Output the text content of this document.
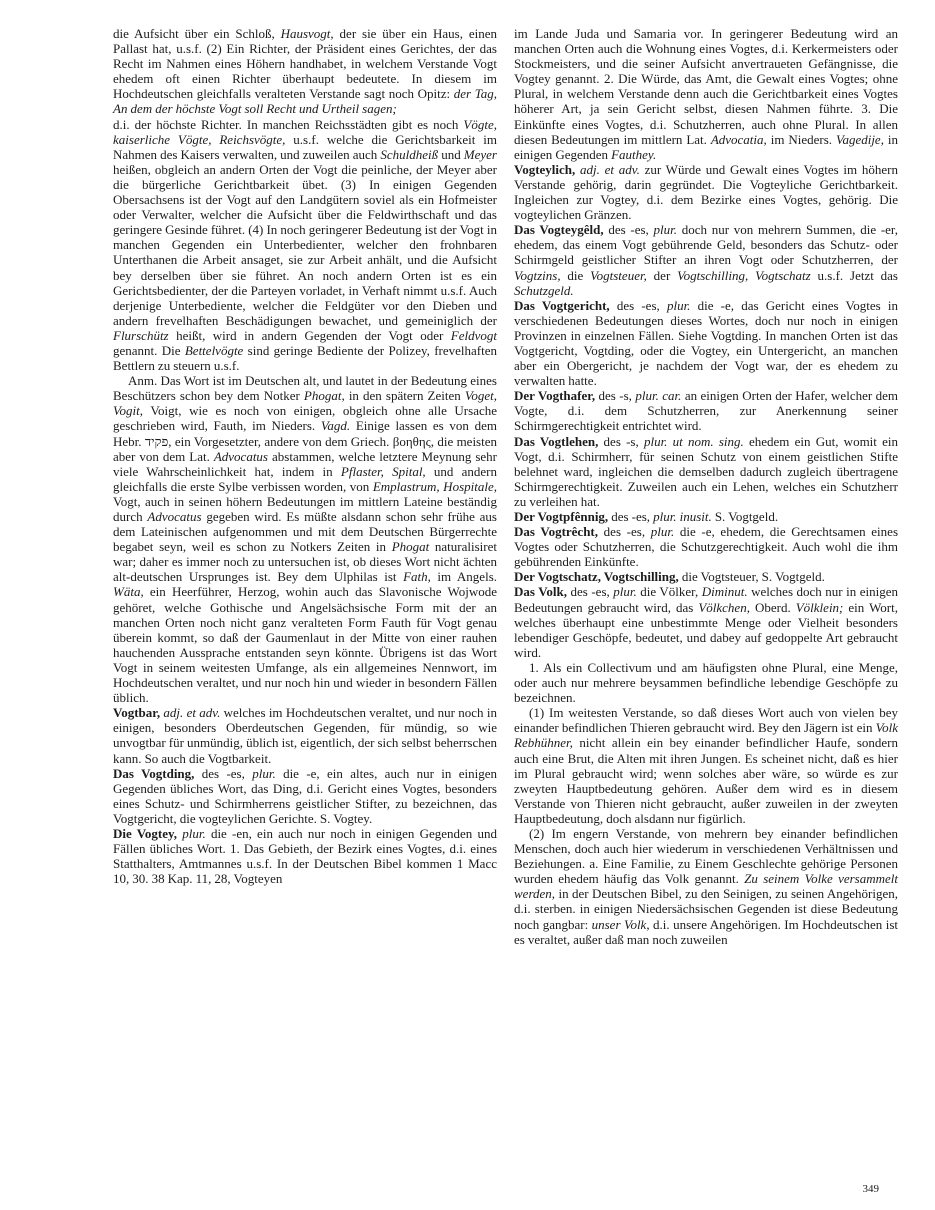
die Aufsicht über ein Schloß, Hausvogt, der sie über ein Haus, einen Pallast hat, u.s.f. (2) Ein Richter, der Präsident eines Gerichtes, der das Recht im Nahmen eines Höhern handhabet, in welchem Verstande Vogt ehedem oft einen Richter überhaupt bedeutete. In diesem im Hochdeutschen gleichfalls veralteten Verstande sagt noch Opitz: der Tag, An dem der höchste Vogt soll Recht und Urtheil sagen;

d.i. der höchste Richter. In manchen Reichsstädten gibt es noch Vögte, kaiserliche Vögte, Reichsvögte, u.s.f. welche die Gerichtsbarkeit im Nahmen des Kaisers verwalten, und zuweilen auch Schuldheiß und Meyer heißen, obgleich an andern Orten der Vogt die peinliche, der Meyer aber die bürgerliche Gerichtbarkeit übet. (3) In einigen Gegenden Obersachsens ist der Vogt auf den Landgütern soviel als ein Hofmeister oder Verwalter, welcher die Aufsicht über die Feldwirthschaft und das geringere Gesinde führet. (4) In noch geringerer Bedeutung ist der Vogt in manchen Gegenden ein Unterbedienter, welcher den frohnbaren Unterthanen die Arbeit ansaget, sie zur Arbeit anhält, und die Aufsicht bey derselben über sie führet. An noch andern Orten ist es ein Gerichtsbedienter, der die Parteyen vorladet, in Verhaft nimmt u.s.f. Auch derjenige Unterbediente, welcher die Feldgüter vor den Dieben und andern frevelhaften Beschädigungen bewachet, und gemeiniglich der Flurschütz heißt, wird in andern Gegenden der Vogt oder Feldvogt genannt. Die Bettelvögte sind geringe Bediente der Polizey, frevelhaften Bettlern zu steuern u.s.f.

Anm. Das Wort ist im Deutschen alt, und lautet in der Bedeutung eines Beschützers schon bey dem Notker Phogat, in den spätern Zeiten Voget, Vogit, Voigt, wie es noch von einigen, obgleich ohne alle Ursache geschrieben wird, Fauth, im Nieders. Vagd. Einige lassen es von dem Hebr. פקיד, ein Vorgesetzter, andere von dem Griech. βοηθης, die meisten aber von dem Lat. Advocatus abstammen, welche letztere Meynung sehr viele Wahrscheinlichkeit hat, indem in Pflaster, Spital, und andern gleichfalls die erste Sylbe verbissen worden, von Emplastrum, Hospitale, Vogt, auch in seinen höhern Bedeutungen im mittlern Lateine beständig durch Advocatus gegeben wird. Es müßte alsdann schon sehr frühe aus dem Lateinischen aufgenommen und mit dem Deutschen Bürgerrechte begabet seyn, weil es schon zu Notkers Zeiten in Phogat naturalisiret war; daher es immer noch zu untersuchen ist, ob dieses Wort nicht ächten alt-deutschen Ursprunges ist. Bey dem Ulphilas ist Fath, im Angels. Wäta, ein Heerführer, Herzog, wohin auch das Slavonische Wojwode gehöret, welche Gothische und Angelsächsische Form mit der an manchen Orten noch nicht ganz veralteten Form Fauth für Vogt genau überein kommt, so daß der Gaumenlaut in der Mitte von einer rauhen hauchenden Aussprache entstanden seyn könnte. Übrigens ist das Wort Vogt in seinem weitesten Umfange, als ein allgemeines Nennwort, im Hochdeutschen veraltet, und nur noch hin und wieder in besondern Fällen üblich.

Vogtbar, adj. et adv. welches im Hochdeutschen veraltet, und nur noch in einigen, besonders Oberdeutschen Gegenden, für mündig, so wie unvogtbar für unmündig, üblich ist, eigentlich, der sich selbst beherrschen kann. So auch die Vogtbarkeit.

Das Vogtding, des -es, plur. die -e, ein altes, auch nur in einigen Gegenden übliches Wort, das Ding, d.i. Gericht eines Vogtes, besonders eines Schutz- und Schirmherrens geistlicher Stifter, zu bezeichnen, das Vogtgericht, die vogteylichen Gerichte. S. Vogtey.

Die Vogtey, plur. die -en, ein auch nur noch in einigen Gegenden und Fällen übliches Wort. 1. Das Gebieth, der Bezirk eines Vogtes, d.i. eines Statthalters, Amtmannes u.s.f. In der Deutschen Bibel kommen 1 Macc 10, 30. 38 Kap. 11, 28, Vogteyen

im Lande Juda und Samaria vor. In geringerer Bedeutung wird an manchen Orten auch die Wohnung eines Vogtes, d.i. Kerkermeisters oder Stockmeisters, und die seiner Aufsicht anvertraueten Gefängnisse, die Vogtey genannt. 2. Die Würde, das Amt, die Gewalt eines Vogtes; ohne Plural, in welchem Verstande denn auch die Gerichtbarkeit eines Vogtes höherer Art, ja sein Gericht selbst, diesen Nahmen führte. 3. Die Einkünfte eines Vogtes, d.i. Schutzherren, auch ohne Plural. In allen diesen Bedeutungen im mittlern Lat. Advocatia, im Nieders. Vagedije, in einigen Gegenden Fauthey.

Vogteylich, adj. et adv. zur Würde und Gewalt eines Vogtes im höhern Verstande gehörig, darin gegründet. Die Vogteyliche Gerichtbarkeit. Ingleichen zur Vogtey, d.i. dem Bezirke eines Vogtes, gehörig. Die vogteylichen Gränzen.

Das Vogteygêld, des -es, plur. doch nur von mehrern Summen, die -er, ehedem, das einem Vogt gebührende Geld, besonders das Schutz- oder Schirmgeld geistlicher Stifter an ihren Vogt oder Schutzherren, der Vogtzins, die Vogtsteuer, der Vogtschilling, Vogtschatz u.s.f. Jetzt das Schutzgeld.

Das Vogtgericht, des -es, plur. die -e, das Gericht eines Vogtes in verschiedenen Bedeutungen dieses Wortes, doch nur noch in einigen Provinzen in einzelnen Fällen. Siehe Vogtding. In manchen Orten ist das Vogtgericht, Vogtding, oder die Vogtey, ein Untergericht, an manchen aber ein Obergericht, je nachdem der Vogt war, der es ehedem zu verwalten hatte.

Der Vogthafer, des -s, plur. car. an einigen Orten der Hafer, welcher dem Vogte, d.i. dem Schutzherren, zur Anerkennung seiner Schirmgerechtigkeit entrichtet wird.

Das Vogtlehen, des -s, plur. ut nom. sing. ehedem ein Gut, womit ein Vogt, d.i. Schirmherr, für seinen Schutz von einem geistlichen Stifte belehnet ward, ingleichen die demselben dadurch zugleich übertragene Schirmgerechtigkeit. Zuweilen auch ein Lehen, welches ein Schutzherr zu verleihen hat.

Der Vogtpfênnig, des -es, plur. inusit. S. Vogtgeld.

Das Vogtrêcht, des -es, plur. die -e, ehedem, die Gerechtsamen eines Vogtes oder Schutzherren, die Schutzgerechtigkeit. Auch wohl die ihm gebührenden Einkünfte.

Der Vogtschatz, Vogtschilling, die Vogtsteuer, S. Vogtgeld.

Das Volk, des -es, plur. die Völker, Diminut. welches doch nur in einigen Bedeutungen gebraucht wird, das Völkchen, Oberd. Völklein; ein Wort, welches überhaupt eine unbestimmte Menge oder Vielheit besonders lebendiger Geschöpfe, bedeutet, und dabey auf gedoppelte Art gebraucht wird.

1. Als ein Collectivum und am häufigsten ohne Plural, eine Menge, oder auch nur mehrere beysammen befindliche lebendige Geschöpfe zu bezeichnen.

(1) Im weitesten Verstande, so daß dieses Wort auch von vielen bey einander befindlichen Thieren gebraucht wird. Bey den Jägern ist ein Volk Rebhühner, nicht allein ein bey einander befindlicher Haufe, sondern auch eine Brut, die Alten mit ihren Jungen. Es scheinet nicht, daß es hier im Plural gebraucht wird; wenn solches aber wäre, so würde es zur zweyten Hauptbedeutung gehören. Außer dem wird es in diesem Verstande von Thieren nicht gebraucht, außer zuweilen in der zweyten Hauptbedeutung, doch alsdann nur figürlich.

(2) Im engern Verstande, von mehrern bey einander befindlichen Menschen, doch auch hier wiederum in verschiedenen Verhältnissen und Beziehungen. a. Eine Familie, zu Einem Geschlechte gehörige Personen wurden ehedem häufig das Volk genannt. Zu seinem Volke versammelt werden, in der Deutschen Bibel, zu den Seinigen, zu seinen Angehörigen, d.i. sterben. in einigen Niedersächsischen Gegenden ist diese Bedeutung noch gangbar: unser Volk, d.i. unsere Angehörigen. Im Hochdeutschen ist es veraltet, außer daß man noch zuweilen

349
